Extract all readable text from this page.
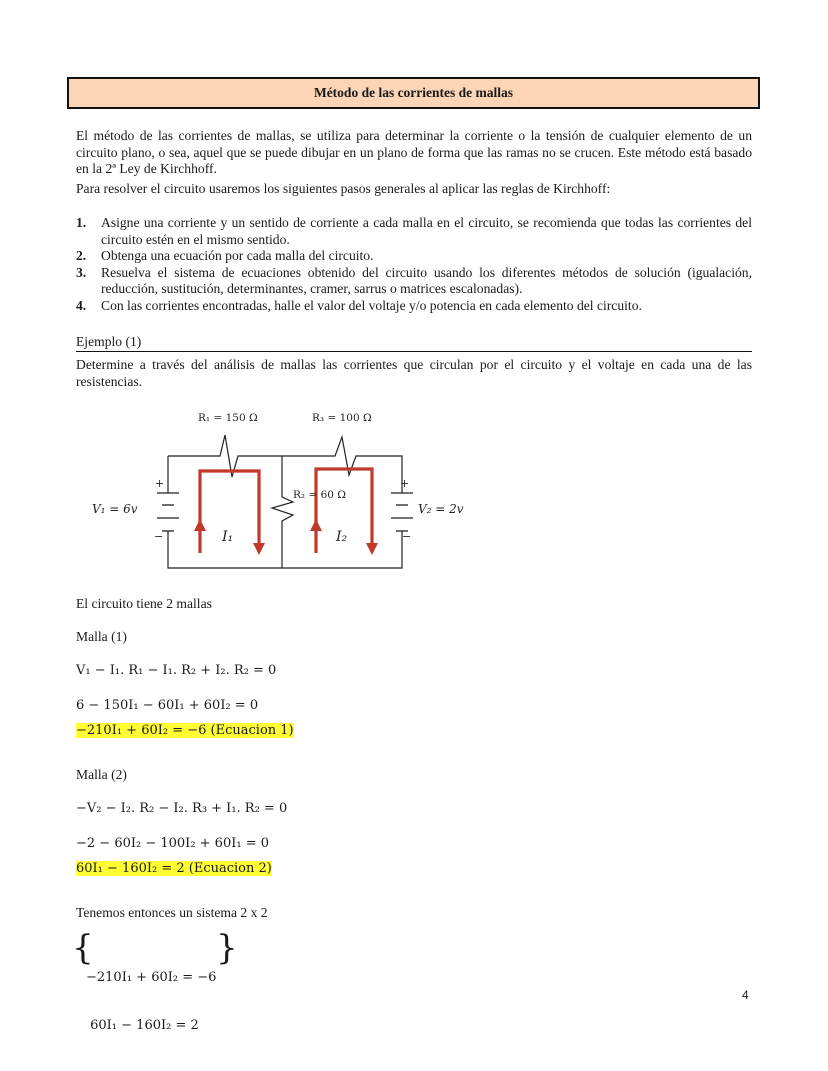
Método de las corrientes de mallas
El método de las corrientes de mallas, se utiliza para determinar la corriente o la tensión de cualquier elemento de un circuito plano, o sea, aquel que se puede dibujar en un plano de forma que las ramas no se crucen. Este método está basado en la 2ª Ley de Kirchhoff.
Para resolver el circuito usaremos los siguientes pasos generales al aplicar las reglas de Kirchhoff:
1.	Asigne una corriente y un sentido de corriente a cada malla en el circuito, se recomienda que todas las corrientes del circuito estén en el mismo sentido.
2.	Obtenga una ecuación por cada malla del circuito.
3.	Resuelva el sistema de ecuaciones obtenido del circuito usando los diferentes métodos de solución (igualación, reducción, sustitución, determinantes, cramer, sarrus o matrices escalonadas).
4.	Con las corrientes encontradas, halle el valor del voltaje y/o potencia en cada elemento del circuito.
Ejemplo (1)
Determine a través del análisis de mallas las corrientes que circulan por el circuito y el voltaje en cada una de las resistencias.
R₁ = 150 Ω	R₃ = 100 Ω
R₂ = 60 Ω
V₁ = 6v	V₂ = 2v
I₁	I₂
+
−
+
−
El circuito tiene 2 mallas
Malla (1)
V₁ − I₁. R₁ − I₁. R₂ + I₂. R₂ = 0
6 − 150I₁ − 60I₁ + 60I₂ = 0
−210I₁ + 60I₂ = −6 (Ecuacion 1)
Malla (2)
−V₂ − I₂. R₂ − I₂. R₃ + I₁. R₂ = 0
−2 − 60I₂ − 100I₂ + 60I₁ = 0
60I₁ − 160I₂ = 2 (Ecuacion 2)
Tenemos entonces un sistema 2 x 2
{

−210I₁ + 60I₂ = −6

60I₁ − 160I₂ = 2

}
4
